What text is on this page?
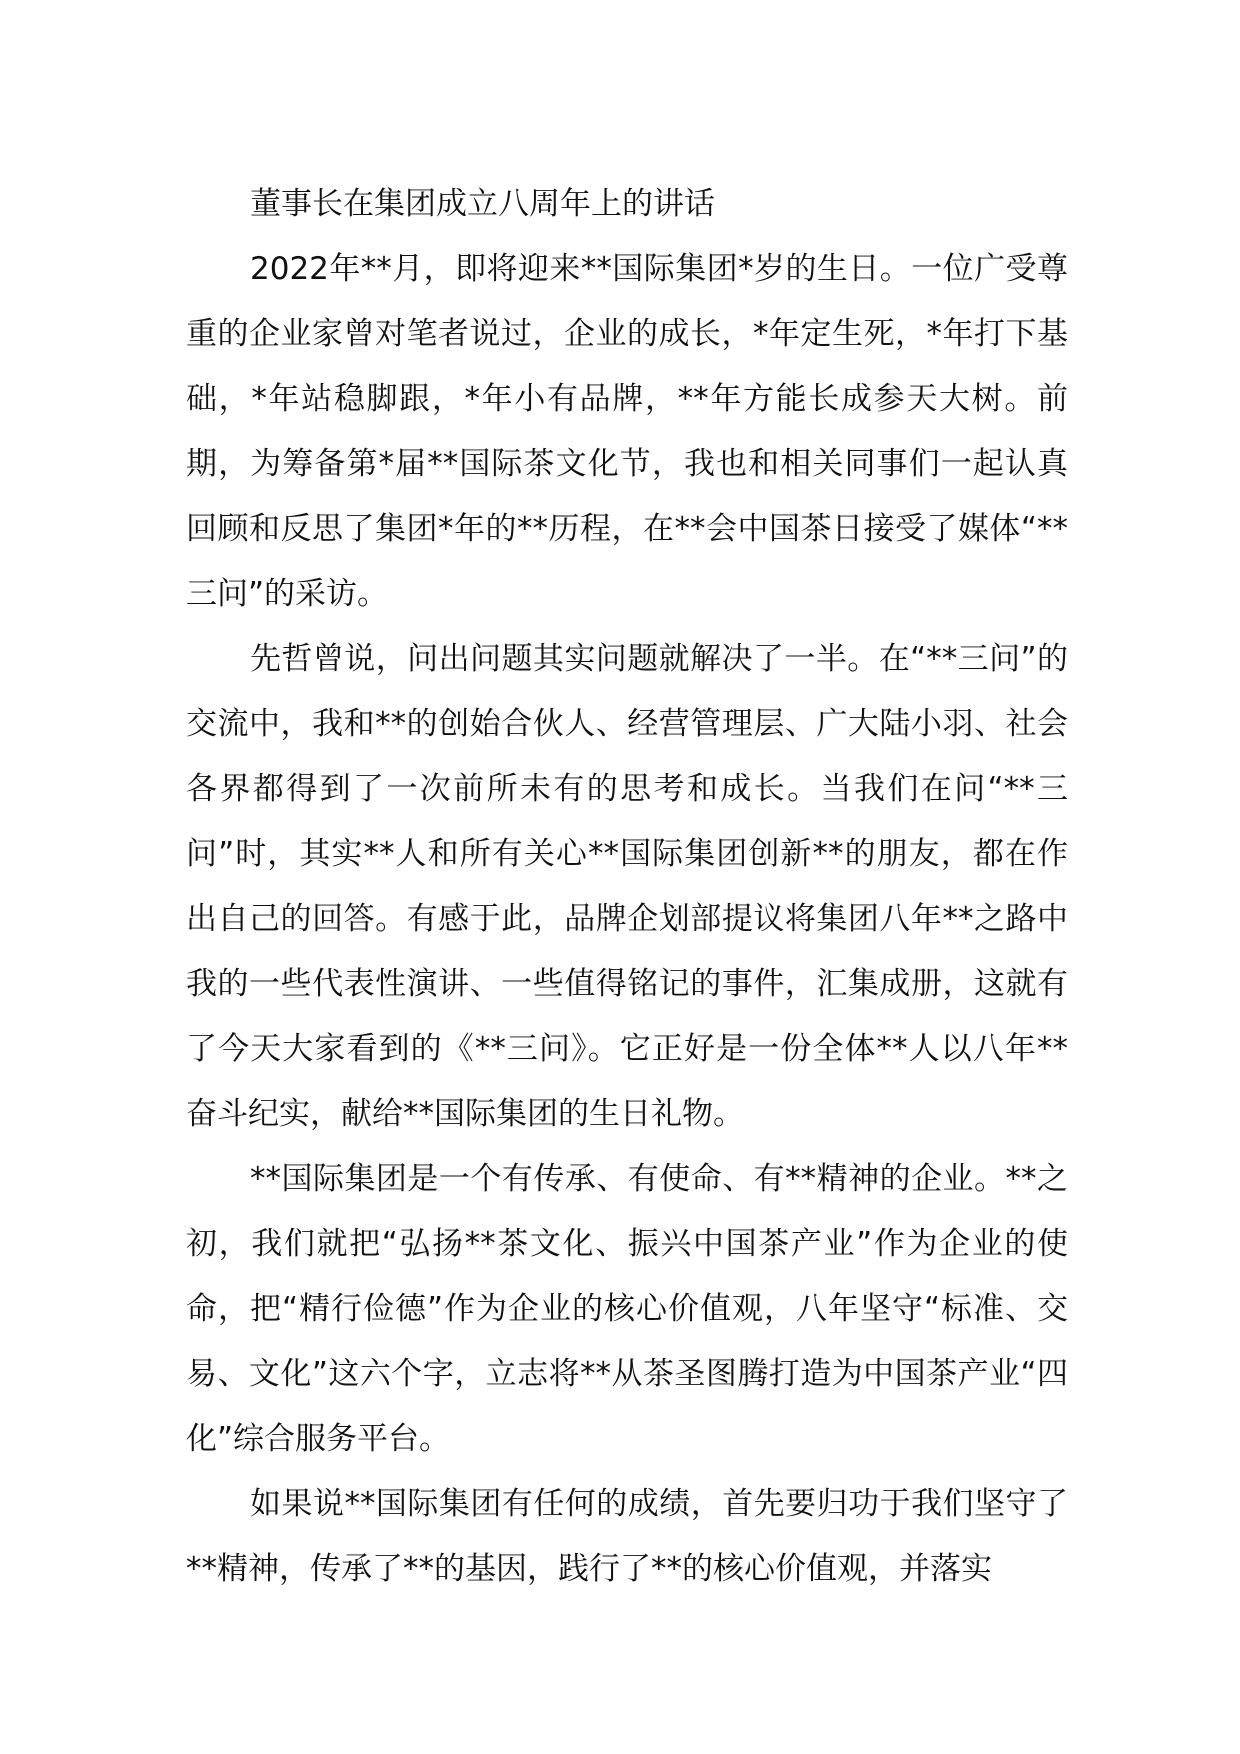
董事长在集团成立八周年上的讲话

2022年**月，即将迎来**国际集团*岁的生日。一位广受尊重的企业家曾对笔者说过，企业的成长，*年定生死，*年打下基础，*年站稳脚跟，*年小有品牌，**年方能长成参天大树。前期，为筹备第*届**国际茶文化节，我也和相关同事们一起认真回顾和反思了集团*年的**历程，在**会中国茶日接受了媒体“**三问”的采访。

先哲曾说，问出问题其实问题就解决了一半。在“**三问”的交流中，我和**的创始合伙人、经营管理层、广大陆小羽、社会各界都得到了一次前所未有的思考和成长。当我们在问“**三问”时，其实**人和所有关心**国际集团创新**的朋友，都在作出自己的回答。有感于此，品牌企划部提议将集团八年**之路中我的一些代表性演讲、一些值得铭记的事件，汇集成册，这就有了今天大家看到的《**三问》。它正好是一份全体**人以八年**奋斗纪实，献给**国际集团的生日礼物。

**国际集团是一个有传承、有使命、有**精神的企业。**之初，我们就把“弘扬**茶文化、振兴中国茶产业”作为企业的使命，把“精行俭德”作为企业的核心价值观，八年坚守“标准、交易、文化”这六个字，立志将**从茶圣图腾打造为中国茶产业“四化”综合服务平台。

如果说**国际集团有任何的成绩，首先要归功于我们坚守了**精神，传承了**的基因，践行了**的核心价值观，并落实
